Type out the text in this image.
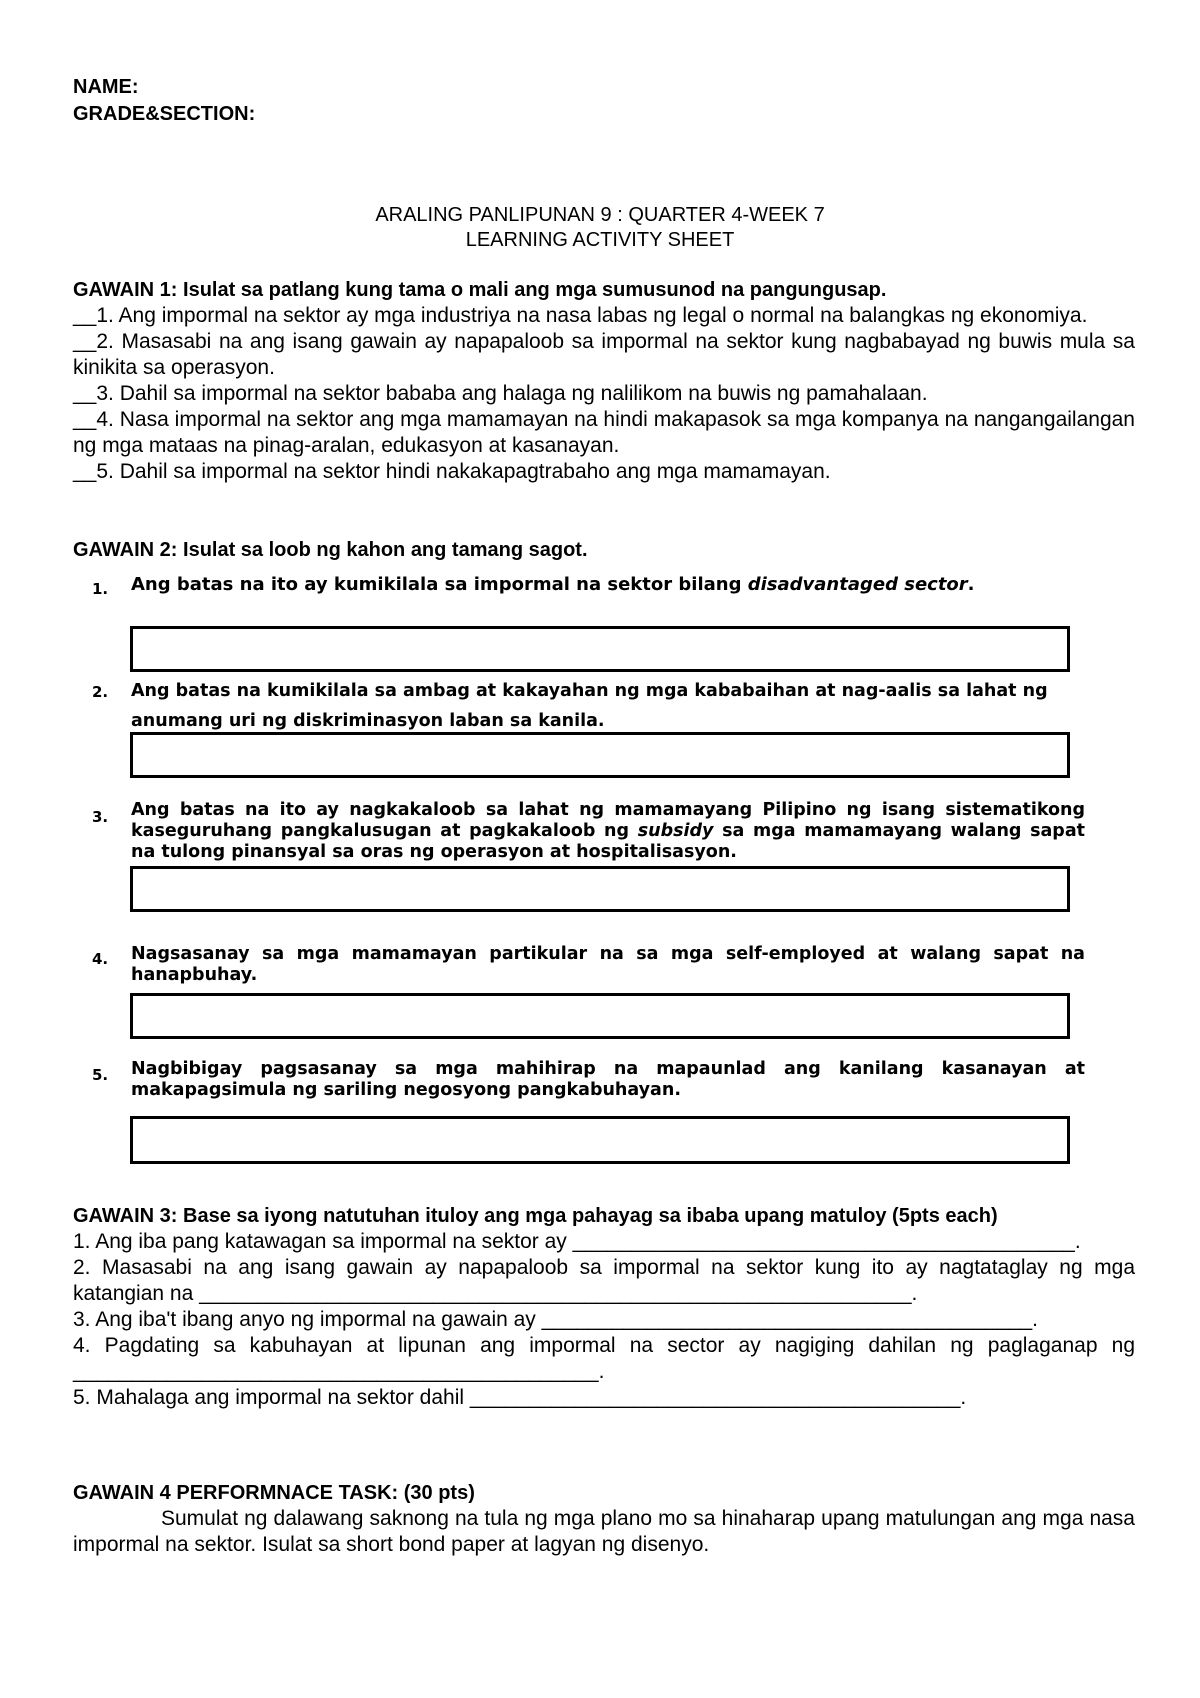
NAME:
GRADE&SECTION:
ARALING PANLIPUNAN 9 : QUARTER 4-WEEK 7
LEARNING ACTIVITY SHEET
GAWAIN 1: Isulat sa patlang kung tama o mali ang mga sumusunod na pangungusap.

__1. Ang impormal na sektor ay mga industriya na nasa labas ng legal o normal na balangkas ng ekonomiya.

__2. Masasabi na ang isang gawain ay napapaloob sa impormal na sektor kung nagbabayad ng buwis mula sa kinikita sa operasyon.

__3. Dahil sa impormal na sektor bababa ang halaga ng nalilikom na buwis ng pamahalaan.

__4. Nasa impormal na sektor ang mga mamamayan na hindi makapasok sa mga kompanya na nangangailangan ng mga mataas na pinag-aralan, edukasyon at kasanayan.

__5. Dahil sa impormal na sektor hindi nakakapagtrabaho ang mga mamamayan.

GAWAIN 2: Isulat sa loob ng kahon ang tamang sagot.
1. Ang batas na ito ay kumikilala sa impormal na sektor bilang disadvantaged sector.
2. Ang batas na kumikilala sa ambag at kakayahan ng mga kababaihan at nag-aalis sa lahat ng anumang uri ng diskriminasyon laban sa kanila.
3. Ang batas na ito ay nagkakaloob sa lahat ng mamamayang Pilipino ng isang sistematikong kaseguruhang pangkalusugan at pagkakaloob ng subsidy sa mga mamamayang walang sapat na tulong pinansyal sa oras ng operasyon at hospitalisasyon.
4. Nagsasanay sa mga mamamayan partikular na sa mga self-employed at walang sapat na hanapbuhay.
5. Nagbibigay pagsasanay sa mga mahihirap na mapaunlad ang kanilang kasanayan at makapagsimula ng sariling negosyong pangkabuhayan.
GAWAIN 3: Base sa iyong natutuhan ituloy ang mga pahayag sa ibaba upang matuloy (5pts each)

1. Ang iba pang katawagan sa impormal na sektor ay ___________________________________________.

2. Masasabi na ang isang gawain ay napapaloob sa impormal na sektor kung ito ay nagtataglay ng mga katangian na _____________________________________________________________.

3. Ang iba't ibang anyo ng impormal na gawain ay __________________________________________.

4. Pagdating sa kabuhayan at lipunan ang impormal na sector ay nagiging dahilan ng paglaganap ng _____________________________________________.

5. Mahalaga ang impormal na sektor dahil __________________________________________.

GAWAIN 4 PERFORMNACE TASK: (30 pts)

Sumulat ng dalawang saknong na tula ng mga plano mo sa hinaharap upang matulungan ang mga nasa impormal na sektor. Isulat sa short bond paper at lagyan ng disenyo.
